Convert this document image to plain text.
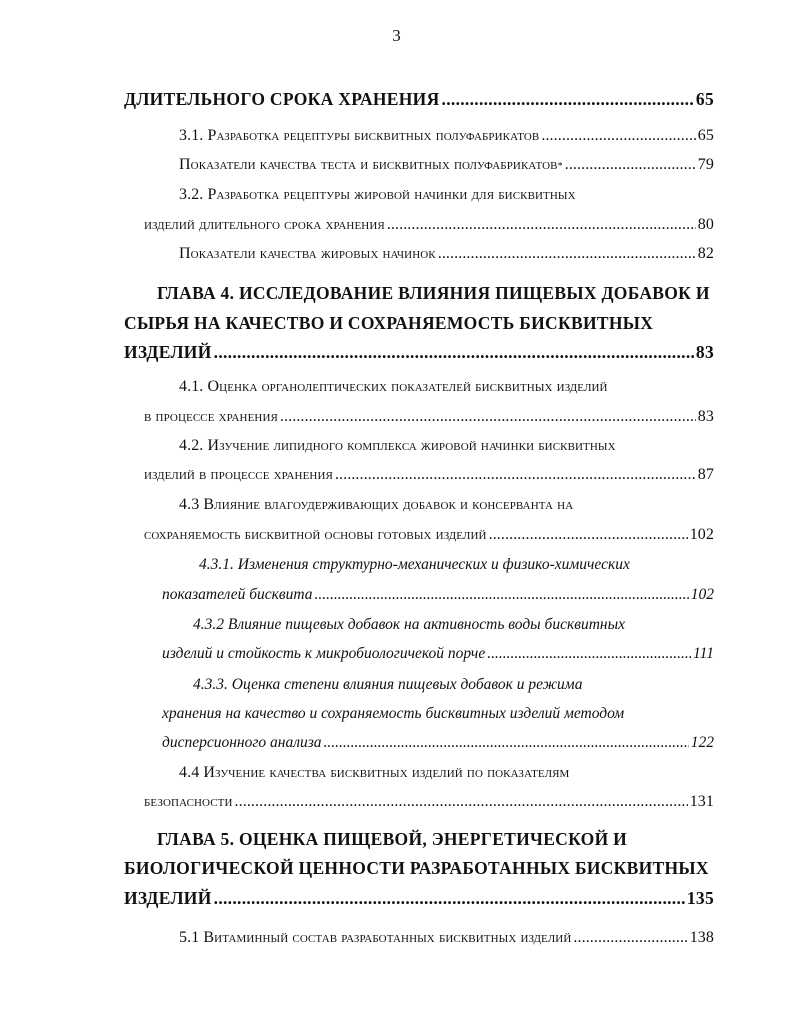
3
ДЛИТЕЛЬНОГО СРОКА ХРАНЕНИЯ .....	65
3.1. Разработка рецептуры бисквитных полуфабрикатов .....	65
Показатели качества теста и бисквитных полуфабрикатов * .....	79
3.2. Разработка рецептуры жировой начинки для бисквитных
изделий длительного срока хранения .....	80
Показатели качества жировых начинок .....	82
ГЛАВА 4. ИССЛЕДОВАНИЕ ВЛИЯНИЯ ПИЩЕВЫХ ДОБАВОК И
СЫРЬЯ НА КАЧЕСТВО И СОХРАНЯЕМОСТЬ БИСКВИТНЫХ
ИЗДЕЛИЙ .....	83
4.1. Оценка органолептических показателей бисквитных изделий
в процессе хранения .....	83
4.2. Изучение липидного комплекса жировой начинки бисквитных
изделий в процессе хранения .....	87
4.3 Влияние влагоудерживающих добавок и консерванта на
сохраняемость бисквитной основы готовых изделий .....	102
4.3.1. Изменения структурно-механических и физико-химических
показателей бисквита .....	102
4.3.2 Влияние пищевых добавок на активность воды бисквитных
изделий и стойкость к микробиологичекой порче .....	111
4.3.3. Оценка степени влияния пищевых добавок и режима
хранения на качество и сохраняемость бисквитных изделий методом
дисперсионного анализа .....	122
4.4 Изучение качества бисквитных изделий по показателям
безопасности .....	131
ГЛАВА 5. ОЦЕНКА ПИЩЕВОЙ, ЭНЕРГЕТИЧЕСКОЙ И
БИОЛОГИЧЕСКОЙ ЦЕННОСТИ РАЗРАБОТАННЫХ БИСКВИТНЫХ
ИЗДЕЛИЙ .....	135
5.1 Витаминный состав разработанных бисквитных изделий .....	138
